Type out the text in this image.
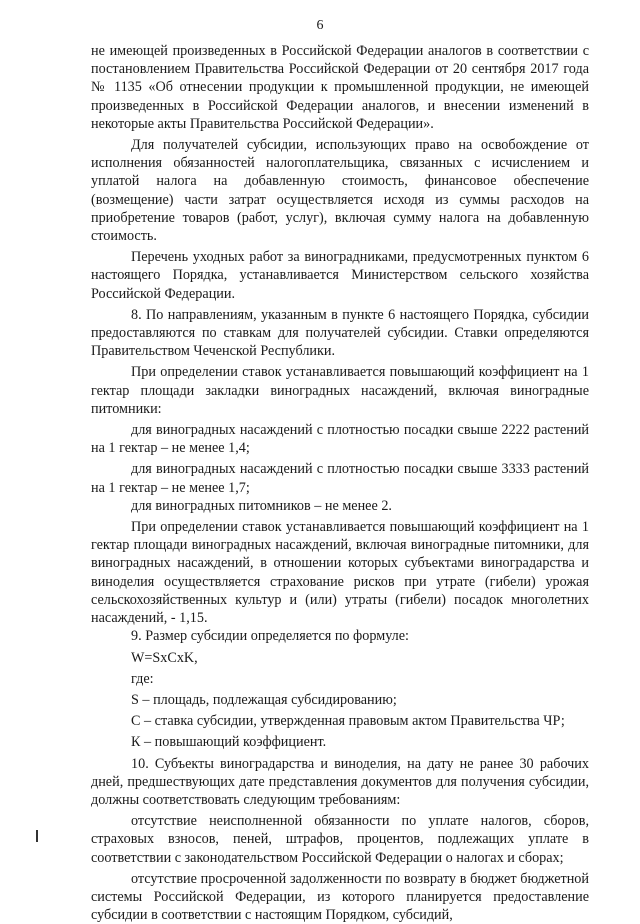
6

не имеющей произведенных в Российской Федерации аналогов в соответствии с постановлением Правительства Российской Федерации от 20 сентября 2017 года № 1135 «Об отнесении продукции к промышленной продукции, не имеющей произведенных в Российской Федерации аналогов, и внесении изменений в некоторые акты Правительства Российской Федерации».

Для получателей субсидии, использующих право на освобождение от исполнения обязанностей налогоплательщика, связанных с исчислением и уплатой налога на добавленную стоимость, финансовое обеспечение (возмещение) части затрат осуществляется исходя из суммы расходов на приобретение товаров (работ, услуг), включая сумму налога на добавленную стоимость.

Перечень уходных работ за виноградниками, предусмотренных пунктом 6 настоящего Порядка, устанавливается Министерством сельского хозяйства Российской Федерации.

8. По направлениям, указанным в пункте 6 настоящего Порядка, субсидии предоставляются по ставкам для получателей субсидии. Ставки определяются Правительством Чеченской Республики.

При определении ставок устанавливается повышающий коэффициент на 1 гектар площади закладки виноградных насаждений, включая виноградные питомники:

для виноградных насаждений с плотностью посадки свыше 2222 растений на 1 гектар – не менее 1,4;

для виноградных насаждений с плотностью посадки свыше 3333 растений на 1 гектар – не менее 1,7;

для виноградных питомников – не менее 2.

При определении ставок устанавливается повышающий коэффициент на 1 гектар площади виноградных насаждений, включая виноградные питомники, для виноградных насаждений, в отношении которых субъектами виноградарства и виноделия осуществляется страхование рисков при утрате (гибели) урожая сельскохозяйственных культур и (или) утраты (гибели) посадок многолетних насаждений, - 1,15.

9. Размер субсидии определяется по формуле:

W=SxCxK,

где:

S – площадь, подлежащая субсидированию;

С – ставка субсидии, утвержденная правовым актом Правительства ЧР;

К – повышающий коэффициент.

10. Субъекты виноградарства и виноделия, на дату не ранее 30 рабочих дней, предшествующих дате представления документов для получения субсидии, должны соответствовать следующим требованиям:

отсутствие неисполненной обязанности по уплате налогов, сборов, страховых взносов, пеней, штрафов, процентов, подлежащих уплате в соответствии с законодательством Российской Федерации о налогах и сборах;

отсутствие просроченной задолженности по возврату в бюджет бюджетной системы Российской Федерации, из которого планируется предоставление субсидии в соответствии с настоящим Порядком, субсидий,
